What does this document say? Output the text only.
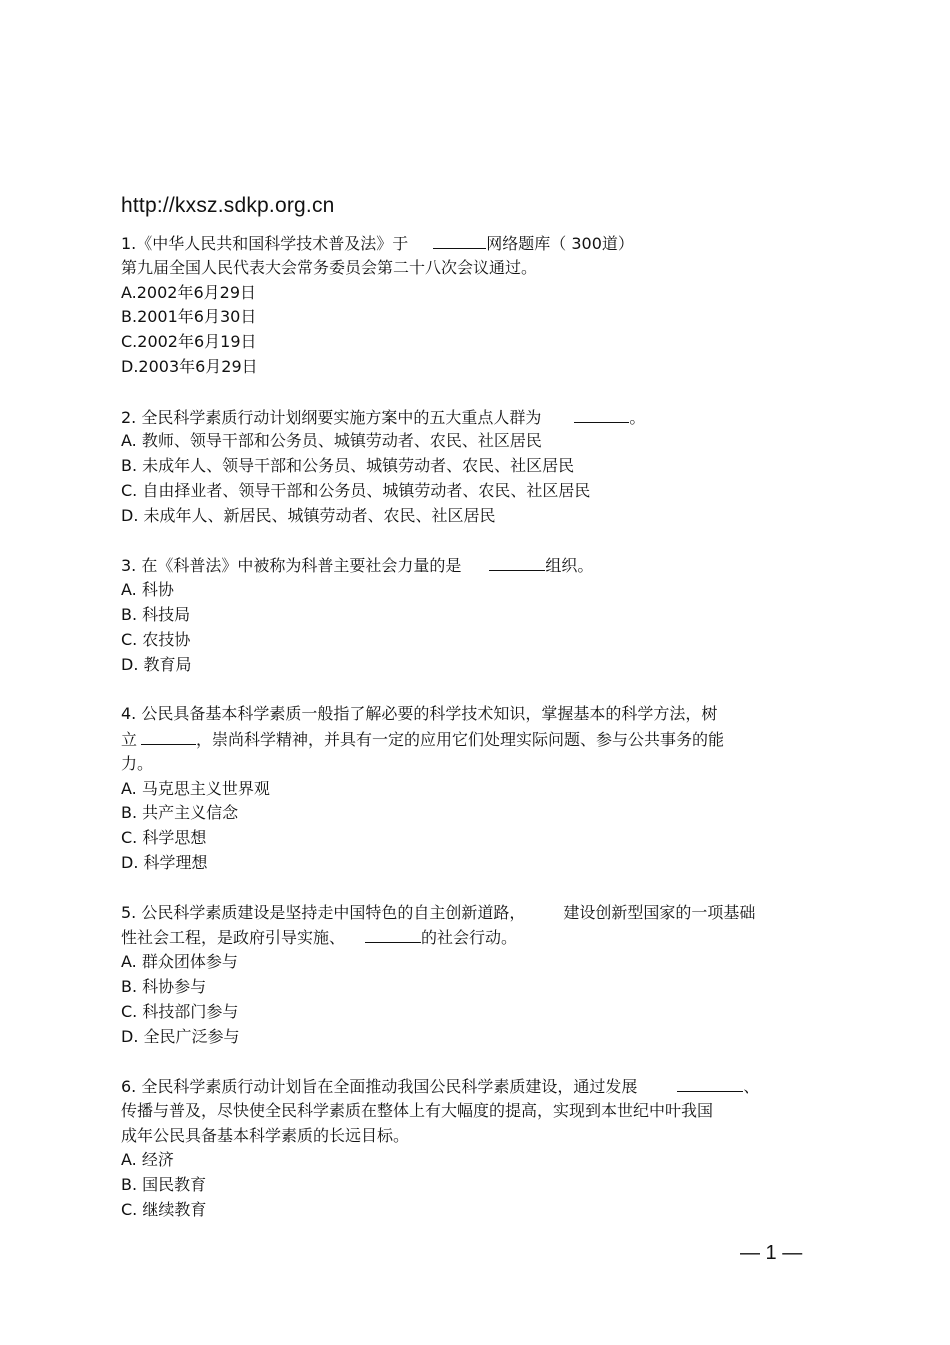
http://kxsz.sdkp.org.cn
1.《中华人民共和国科学技术普及法》于	网络题库（ 300道）
第九届全国人民代表大会常务委员会第二十八次会议通过。
A.2002年6月29日
B.2001年6月30日
C.2002年6月19日
D.2003年6月29日
2. 全民科学素质行动计划纲要实施方案中的五大重点人群为	。
A. 教师、领导干部和公务员、城镇劳动者、农民、社区居民
B. 未成年人、领导干部和公务员、城镇劳动者、农民、社区居民
C. 自由择业者、领导干部和公务员、城镇劳动者、农民、社区居民
D. 未成年人、新居民、城镇劳动者、农民、社区居民
3. 在《科普法》中被称为科普主要社会力量的是	组织。
A. 科协
B. 科技局
C. 农技协
D. 教育局
4. 公民具备基本科学素质一般指了解必要的科学技术知识，掌握基本的科学方法，树
立	，崇尚科学精神，并具有一定的应用它们处理实际问题、参与公共事务的能
力。
A. 马克思主义世界观
B. 共产主义信念
C. 科学思想
D. 科学理想
5. 公民科学素质建设是坚持走中国特色的自主创新道路， 建设创新型国家的一项基础
性社会工程，是政府引导实施、	的社会行动。
A. 群众团体参与
B. 科协参与
C. 科技部门参与
D. 全民广泛参与
6. 全民科学素质行动计划旨在全面推动我国公民科学素质建设，通过发展	、
传播与普及，尽快使全民科学素质在整体上有大幅度的提高，实现到本世纪中叶我国
成年公民具备基本科学素质的长远目标。
A. 经济
B. 国民教育
C. 继续教育
— 1 —
